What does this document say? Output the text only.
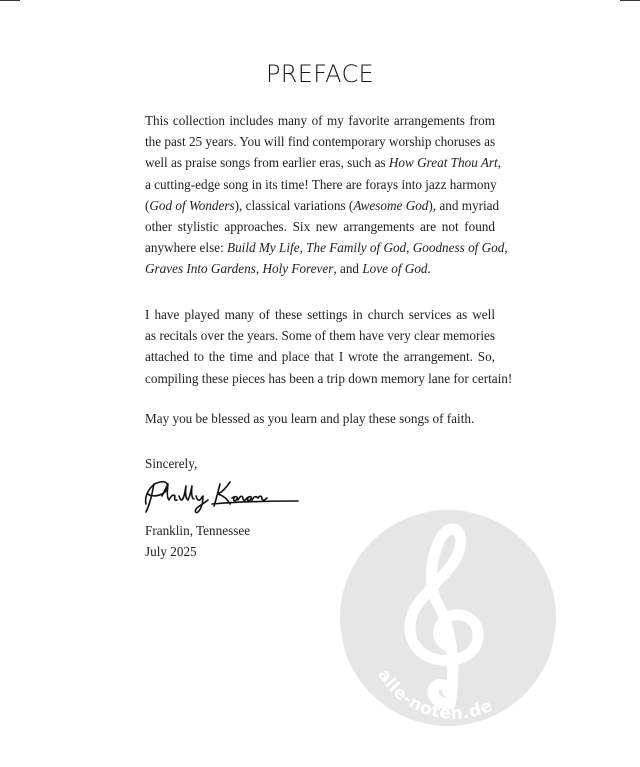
PREFACE
This collection includes many of my favorite arrangements from
the past 25 years. You will find contemporary worship choruses as
well as praise songs from earlier eras, such as How Great Thou Art,
a cutting-edge song in its time! There are forays into jazz harmony
(God of Wonders), classical variations (Awesome God), and myriad
other stylistic approaches. Six new arrangements are not found
anywhere else: Build My Life, The Family of God, Goodness of God,
Graves Into Gardens, Holy Forever, and Love of God.
I have played many of these settings in church services as well
as recitals over the years. Some of them have very clear memories
attached to the time and place that I wrote the arrangement. So,
compiling these pieces has been a trip down memory lane for certain!
May you be blessed as you learn and play these songs of faith.
Sincerely,
Franklin, Tennessee
July 2025
alle-noten.de
